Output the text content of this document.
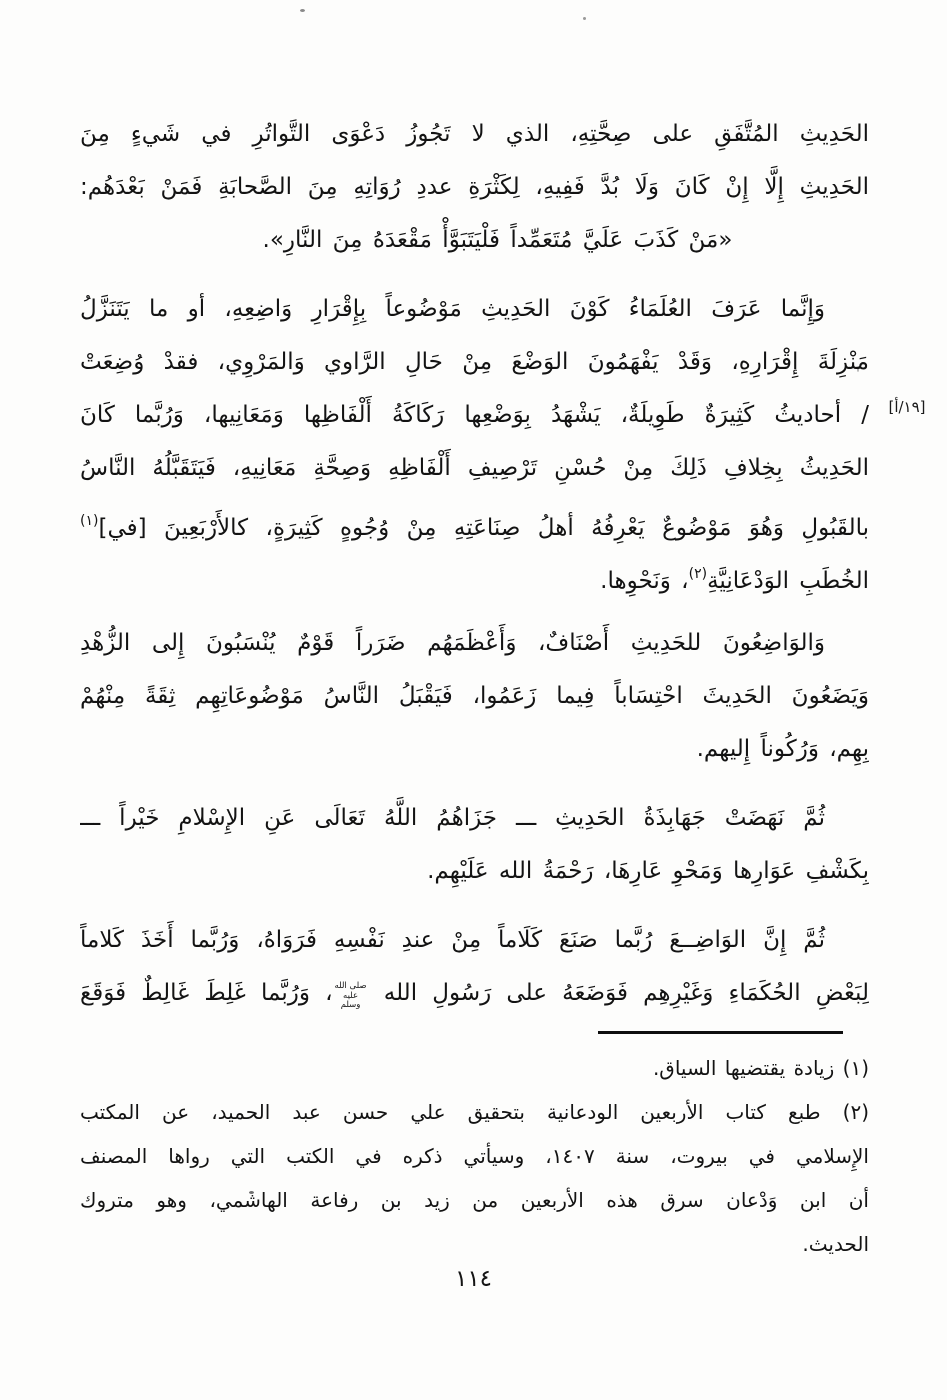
[١٩/أ]
الحَدِيثِ المُتَّفَقِ على صِحَّتِهِ، الذي لا تَجُوزُ دَعْوَى التَّواتُرِ في شَيءٍ مِنَ
الحَدِيثِ إِلَّا إِنْ كَانَ وَلَا بُدَّ فَفِيهِ، لِكَثْرَةِ عددِ رُوَاتِهِ مِنَ الصَّحابَةِ فَمَنْ بَعْدَهُم:
«مَنْ كَذَبَ عَلَيَّ مُتَعَمِّداً فَلْيَتَبَوَّأْ مَقْعَدَهُ مِنَ النَّارِ».
وَإِنَّما عَرَفَ العُلَمَاءُ كَوْنَ الحَدِيثِ مَوْضُوعاً بِإِقْرَارِ وَاضِعِهِ، أو ما يَتَنَزَّلُ
مَنْزِلَةَ إِقْرَارِهِ، وَقَدْ يَفْهَمُونَ الوَضْعَ مِنْ حَالِ الرَّاوي وَالمَرْوِي، فقدْ وُضِعَتْ
/ أحاديثُ كَثِيرَةٌ طَوِيلَةٌ، يَشْهَدُ بِوَضْعِها رَكَاكَةُ أَلْفَاظِها وَمَعَانِيها، وَرُبَّما كَانَ
الحَدِيثُ بِخِلافِ ذَلِكَ مِنْ حُسْنِ تَرْصِيفِ أَلْفَاظِهِ وَصِحَّةِ مَعَانِيهِ، فَيَتَقَبَّلُهُ النَّاسُ
بالقَبُولِ وَهُوَ مَوْضُوعٌ يَعْرِفُهُ أهلُ صِنَاعَتِهِ مِنْ وُجُوهٍ كَثِيرَةٍ، كالأَرْبَعِينَ [في]$^{(١)}$
الخُطَبِ الوَدْعَانِيَّةِ$^{(٢)}$، وَنَحْوِها.
وَالوَاضِعُونَ للحَدِيثِ أَصْنَافٌ، وَأَعْظَمَهُم ضَرَراً قَوْمٌ يُنْسَبُونَ إِلى الزُّهْدِ
وَيَضَعُونَ الحَدِيثَ احْتِسَاباً فِيما زَعَمُوا، فَيَقْبَلُ النَّاسُ مَوْضُوعَاتِهِم ثِقَةً مِنْهُمْ
بِهِم، وَرُكُوناً إِليهم.
ثُمَّ نَهَضَتْ جَهَابِذَةُ الحَدِيثِ ـــ جَزَاهُمُ اللَّهُ تَعَالَى عَنِ الإِسْلامِ خَيْراً ـــ
بِكَشْفِ عَوَارِها وَمَحْوِ عَارِهَا، رَحْمَةُ الله عَلَيْهِم.
ثُمَّ إِنَّ الوَاضِــعَ رُبَّما صَنَعَ كَلَاماً مِنْ عندِ نَفْسِهِ فَرَوَاهُ، وَرُبَّما أَخَذَ كَلاماً
لِبَعْضِ الحُكَمَاءِ وَغَيْرِهِم فَوَضَعَهُ على رَسُولِ الله صلى الله عليه وسلم، وَرُبَّما غَلِطَ غَالِطٌ فَوَقَعَ
(١) زيادة يقتضيها السياق.
(٢) طبع كتاب الأربعين الودعانية بتحقيق علي حسن عبد الحميد، عن المكتب
الإِسلامي في بيروت، سنة ١٤٠٧، وسيأتي ذكره في الكتب التي رواها المصنف
أن ابن وَدْعان سرق هذه الأربعين من زيد بن رفاعة الهاشمي، وهو متروك
الحديث.
١١٤
